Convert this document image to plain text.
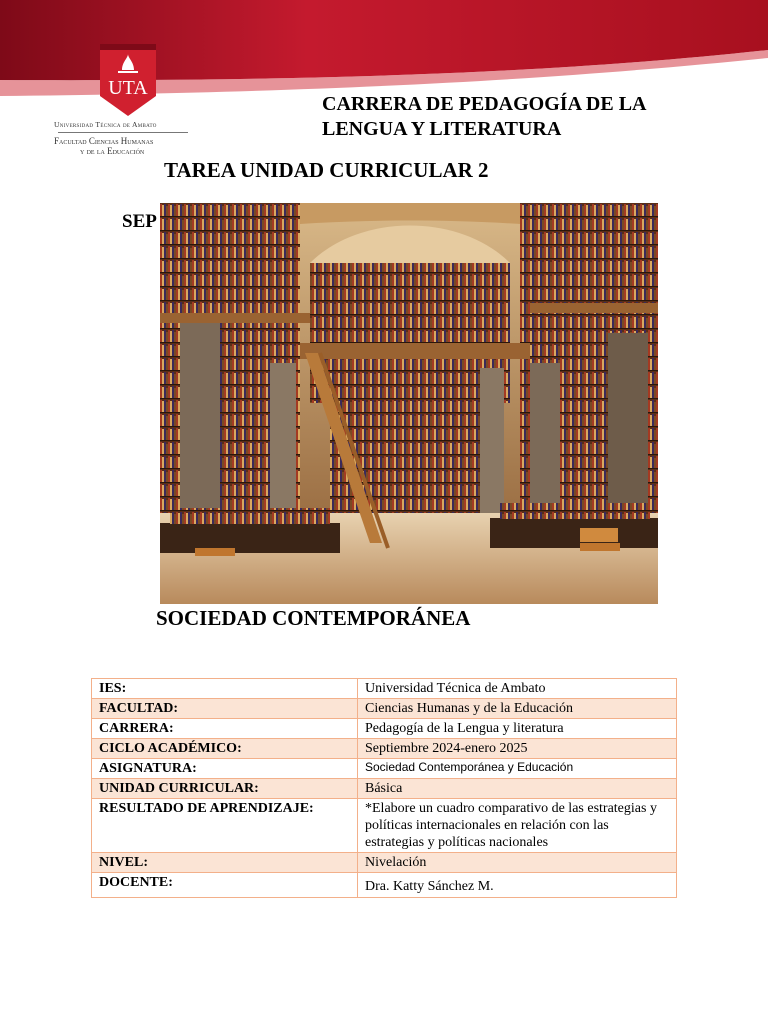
UTA
Universidad Técnica de Ambato
Facultad Ciencias Humanas
y de la Educación
CARRERA DE PEDAGOGÍA DE LA
LENGUA Y LITERATURA
TAREA UNIDAD CURRICULAR 2
SEP
SOCIEDAD CONTEMPORÁNEA
IES:	Universidad Técnica de Ambato
FACULTAD:	Ciencias Humanas y de la Educación
CARRERA:	Pedagogía de la Lengua y literatura
CICLO ACADÉMICO:	Septiembre 2024-enero 2025
ASIGNATURA:	Sociedad Contemporánea y Educación
UNIDAD CURRICULAR:	Básica
RESULTADO DE APRENDIZAJE:	*Elabore un cuadro comparativo de las estrategias y políticas internacionales en relación con las estrategias y políticas nacionales
NIVEL:	Nivelación
DOCENTE:	Dra. Katty Sánchez M.
